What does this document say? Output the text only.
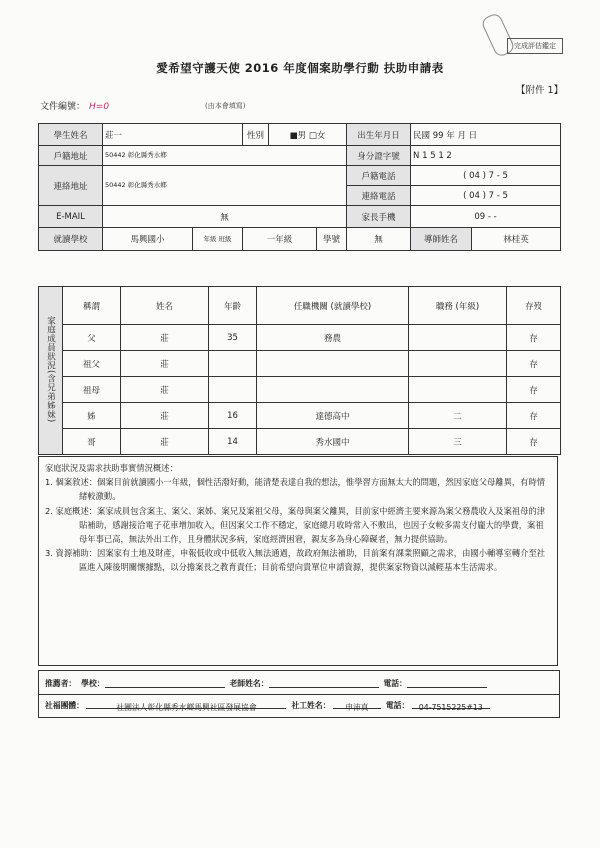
完成評估鑑定
愛希望守護天使 2016 年度個案助學行動 扶助申請表
【附件 1】
文件編號： H=0	(由本會填寫)
學生姓名	莊一	性別	■男 □女	出生年月日	民國 99 年 月 日
戶籍地址	50442 彰化縣秀水鄉	身分證字號	N 1 5 1 2
連絡地址	50442 彰化縣秀水鄉	戶籍電話	( 04 ) 7 - 5
連絡電話	( 04 ) 7 - 5
E-MAIL	無	家長手機	09 - -
就讀學校	馬興國小	年級 班級	一年級	學號	無		導師姓名	林桂英
家庭成員狀況(含兄弟姊妹)	稱謂	姓名	年齡	任職機關 (就讀學校)	職務 (年級)	存歿
	父	莊	35	務農		存
	祖父	莊				存
	祖母	莊				存
	姊	莊	16	達德高中	二	存
	哥	莊	14	秀水國中	三	存

家庭狀況及需求扶助事實情況概述：

1. 個案敘述：個案目前就讀國小一年級，個性活潑好動，能清楚表達自我的想法，惟學習方面無太大的問題，然因家庭父母離異，有時情緒較激動。

2. 家庭概述：案家成員包含案主、案父、案姊、案兄及案祖父母，案母與案父離異，目前家中經濟主要來源為案父務農收入及案祖母的津貼補助，感謝接洽電子花車增加收入，但因案父工作不穩定，家庭總月收時常入不敷出，也因子女較多需支付龐大的學費，案祖母年事已高，無法外出工作，且身體狀況多病，家庭經濟困窘，親友多為身心障礙者，無力提供協助。

3. 資源補助：因案家有土地及財產，申報低收或中低收入無法通過，故政府無法補助，目前案有課業照顧之需求，由國小輔導室轉介至社區進入陳後明關懷據點，以分擔案長之教育責任；目前希望向貴單位申請資源，提供案家物資以減輕基本生活需求。

推薦者： 學校：	老師姓名：	電話：
社福團體：	社團法人彰化縣秀水鄉馬興社區發展協會	社工姓名： 申沛真 電話： 04-7515225#13
